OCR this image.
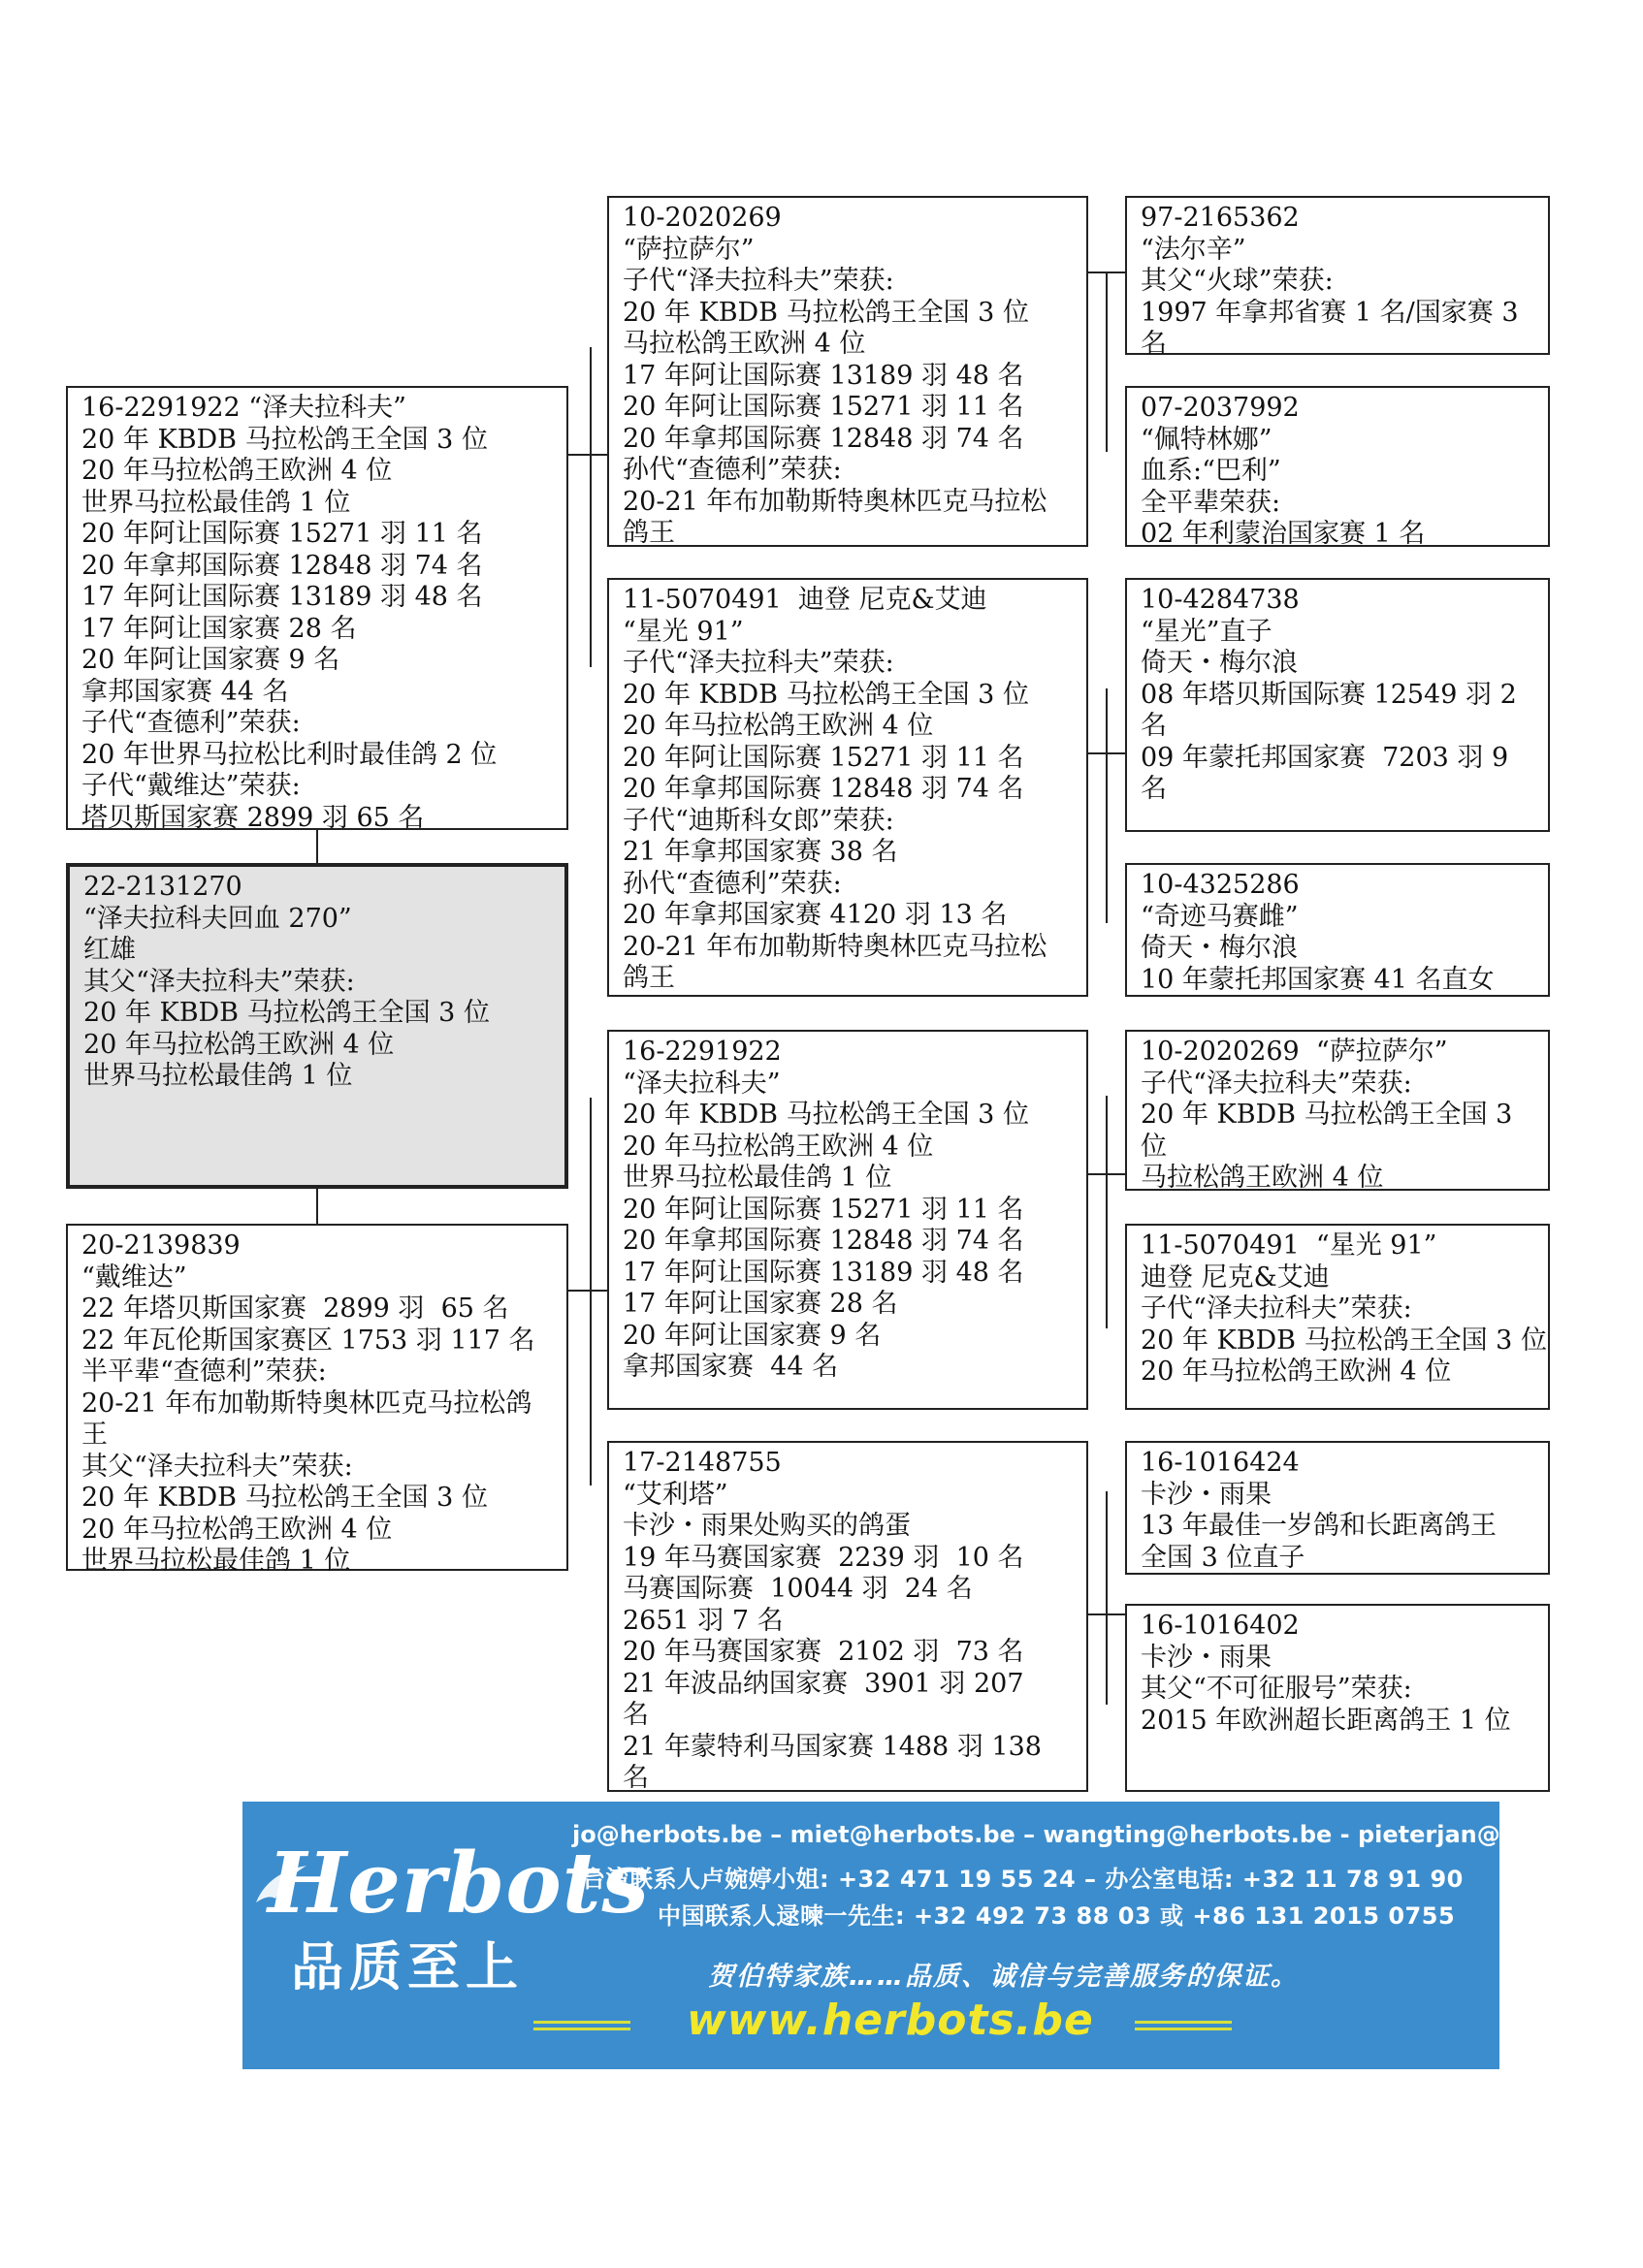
16-2291922 “泽夫拉科夫”
20 年 KBDB 马拉松鸽王全国 3 位
20 年马拉松鸽王欧洲 4 位
世界马拉松最佳鸽 1 位
20 年阿让国际赛 15271 羽 11 名
20 年拿邦国际赛 12848 羽 74 名
17 年阿让国际赛 13189 羽 48 名
17 年阿让国家赛 28 名
20 年阿让国家赛 9 名
拿邦国家赛 44 名
子代“查德利”荣获:
20 年世界马拉松比利时最佳鸽 2 位
子代“戴维达”荣获:
塔贝斯国家赛 2899 羽 65 名
22-2131270
“泽夫拉科夫回血 270”
红雄
其父“泽夫拉科夫”荣获:
20 年 KBDB 马拉松鸽王全国 3 位
20 年马拉松鸽王欧洲 4 位
世界马拉松最佳鸽 1 位
20-2139839
“戴维达”
22 年塔贝斯国家赛  2899 羽  65 名
22 年瓦伦斯国家赛区 1753 羽 117 名
半平辈“查德利”荣获:
20-21 年布加勒斯特奥林匹克马拉松鸽
王
其父“泽夫拉科夫”荣获:
20 年 KBDB 马拉松鸽王全国 3 位
20 年马拉松鸽王欧洲 4 位
世界马拉松最佳鸽 1 位
10-2020269
“萨拉萨尔”
子代“泽夫拉科夫”荣获:
20 年 KBDB 马拉松鸽王全国 3 位
马拉松鸽王欧洲 4 位
17 年阿让国际赛 13189 羽 48 名
20 年阿让国际赛 15271 羽 11 名
20 年拿邦国际赛 12848 羽 74 名
孙代“查德利”荣获:
20-21 年布加勒斯特奥林匹克马拉松
鸽王
11-5070491  迪登 尼克&艾迪
“星光 91”
子代“泽夫拉科夫”荣获:
20 年 KBDB 马拉松鸽王全国 3 位
20 年马拉松鸽王欧洲 4 位
20 年阿让国际赛 15271 羽 11 名
20 年拿邦国际赛 12848 羽 74 名
子代“迪斯科女郎”荣获:
21 年拿邦国家赛 38 名
孙代“查德利”荣获:
20 年拿邦国家赛 4120 羽 13 名
20-21 年布加勒斯特奥林匹克马拉松
鸽王
16-2291922
“泽夫拉科夫”
20 年 KBDB 马拉松鸽王全国 3 位
20 年马拉松鸽王欧洲 4 位
世界马拉松最佳鸽 1 位
20 年阿让国际赛 15271 羽 11 名
20 年拿邦国际赛 12848 羽 74 名
17 年阿让国际赛 13189 羽 48 名
17 年阿让国家赛 28 名
20 年阿让国家赛 9 名
拿邦国家赛  44 名
17-2148755
“艾利塔”
卡沙・雨果处购买的鸽蛋
19 年马赛国家赛  2239 羽  10 名
马赛国际赛  10044 羽  24 名
2651 羽 7 名
20 年马赛国家赛  2102 羽  73 名
21 年波品纳国家赛  3901 羽 207
名
21 年蒙特利马国家赛 1488 羽 138
名
97-2165362
“法尔辛”
其父“火球”荣获:
1997 年拿邦省赛 1 名/国家赛 3
名
07-2037992
“佩特林娜”
血系:“巴利”
全平辈荣获:
02 年利蒙治国家赛 1 名
10-4284738
“星光”直子
倚天・梅尔浪
08 年塔贝斯国际赛 12549 羽 2
名
09 年蒙托邦国家赛  7203 羽 9
名
10-4325286
“奇迹马赛雌”
倚天・梅尔浪
10 年蒙托邦国家赛 41 名直女
10-2020269  “萨拉萨尔”
子代“泽夫拉科夫”荣获:
20 年 KBDB 马拉松鸽王全国 3
位
马拉松鸽王欧洲 4 位
11-5070491  “星光 91”
迪登 尼克&艾迪
子代“泽夫拉科夫”荣获:
20 年 KBDB 马拉松鸽王全国 3 位
20 年马拉松鸽王欧洲 4 位
16-1016424
卡沙・雨果
13 年最佳一岁鸽和长距离鸽王
全国 3 位直子
16-1016402
卡沙・雨果
其父“不可征服号”荣获:
2015 年欧洲超长距离鸽王 1 位
Herbots
品质至上
jo@herbots.be – miet@herbots.be – wangting@herbots.be - pieterjan@herbots.be
台湾联系人卢婉婷小姐: +32 471 19 55 24 – 办公室电话: +32 11 78 91 90
中国联系人逯暕一先生: +32 492 73 88 03 或 +86 131 2015 0755
贺伯特家族……品质、诚信与完善服务的保证。
www.herbots.be
